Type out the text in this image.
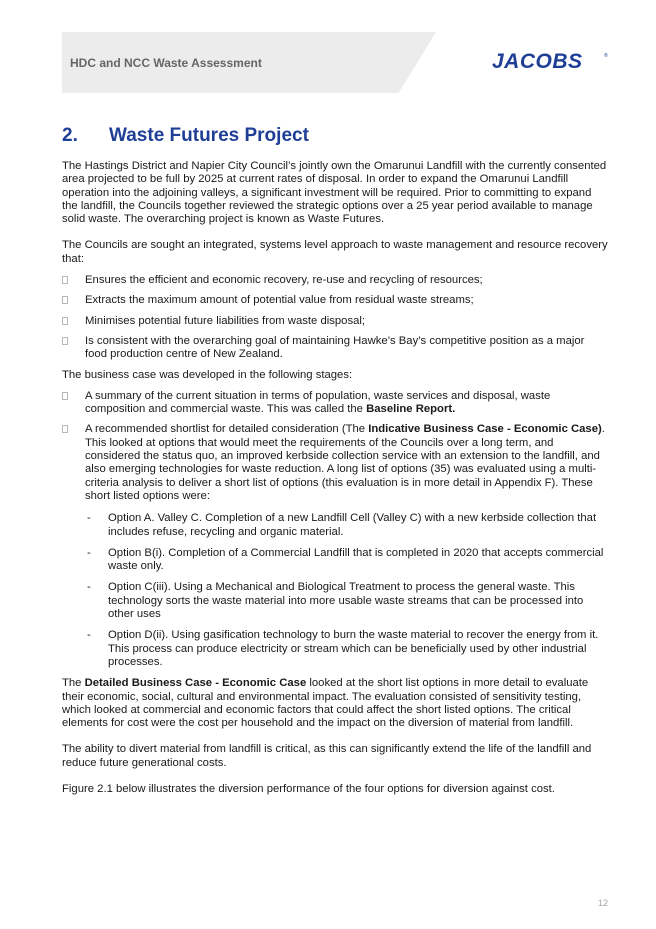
HDC and NCC Waste Assessment	JACOBS	®
2.	Waste Futures Project

The Hastings District and Napier City Council’s jointly own the Omarunui Landfill with the currently consented area projected to be full by 2025 at current rates of disposal. In order to expand the Omarunui Landfill operation into the adjoining valleys, a significant investment will be required. Prior to committing to expand the landfill, the Councils together reviewed the strategic options over a 25 year period available to manage solid waste. The overarching project is known as Waste Futures.

The Councils are sought an integrated, systems level approach to waste management and resource recovery that:

Ensures the efficient and economic recovery, re-use and recycling of resources;
Extracts the maximum amount of potential value from residual waste streams;
Minimises potential future liabilities from waste disposal;
Is consistent with the overarching goal of maintaining Hawke’s Bay’s competitive position as a major food production centre of New Zealand.

The business case was developed in the following stages:

A summary of the current situation in terms of population, waste services and disposal, waste composition and commercial waste. This was called the Baseline Report.
A recommended shortlist for detailed consideration (The Indicative Business Case - Economic Case). This looked at options that would meet the requirements of the Councils over a long term, and considered the status quo, an improved kerbside collection service with an extension to the landfill, and also emerging technologies for waste reduction. A long list of options (35) was evaluated using a multi-criteria analysis to deliver a short list of options (this evaluation is in more detail in Appendix F). These short listed options were:
- Option A. Valley C. Completion of a new Landfill Cell (Valley C) with a new kerbside collection that includes refuse, recycling and organic material.
- Option B(i). Completion of a Commercial Landfill that is completed in 2020 that accepts commercial waste only.
- Option C(iii). Using a Mechanical and Biological Treatment to process the general waste. This technology sorts the waste material into more usable waste streams that can be processed into other uses
- Option D(ii). Using gasification technology to burn the waste material to recover the energy from it. This process can produce electricity or stream which can be beneficially used by other industrial processes.

The Detailed Business Case - Economic Case looked at the short list options in more detail to evaluate their economic, social, cultural and environmental impact. The evaluation consisted of sensitivity testing, which looked at commercial and economic factors that could affect the short listed options. The critical elements for cost were the cost per household and the impact on the diversion of material from landfill.

The ability to divert material from landfill is critical, as this can significantly extend the life of the landfill and reduce future generational costs.

Figure 2.1 below illustrates the diversion performance of the four options for diversion against cost.

12
